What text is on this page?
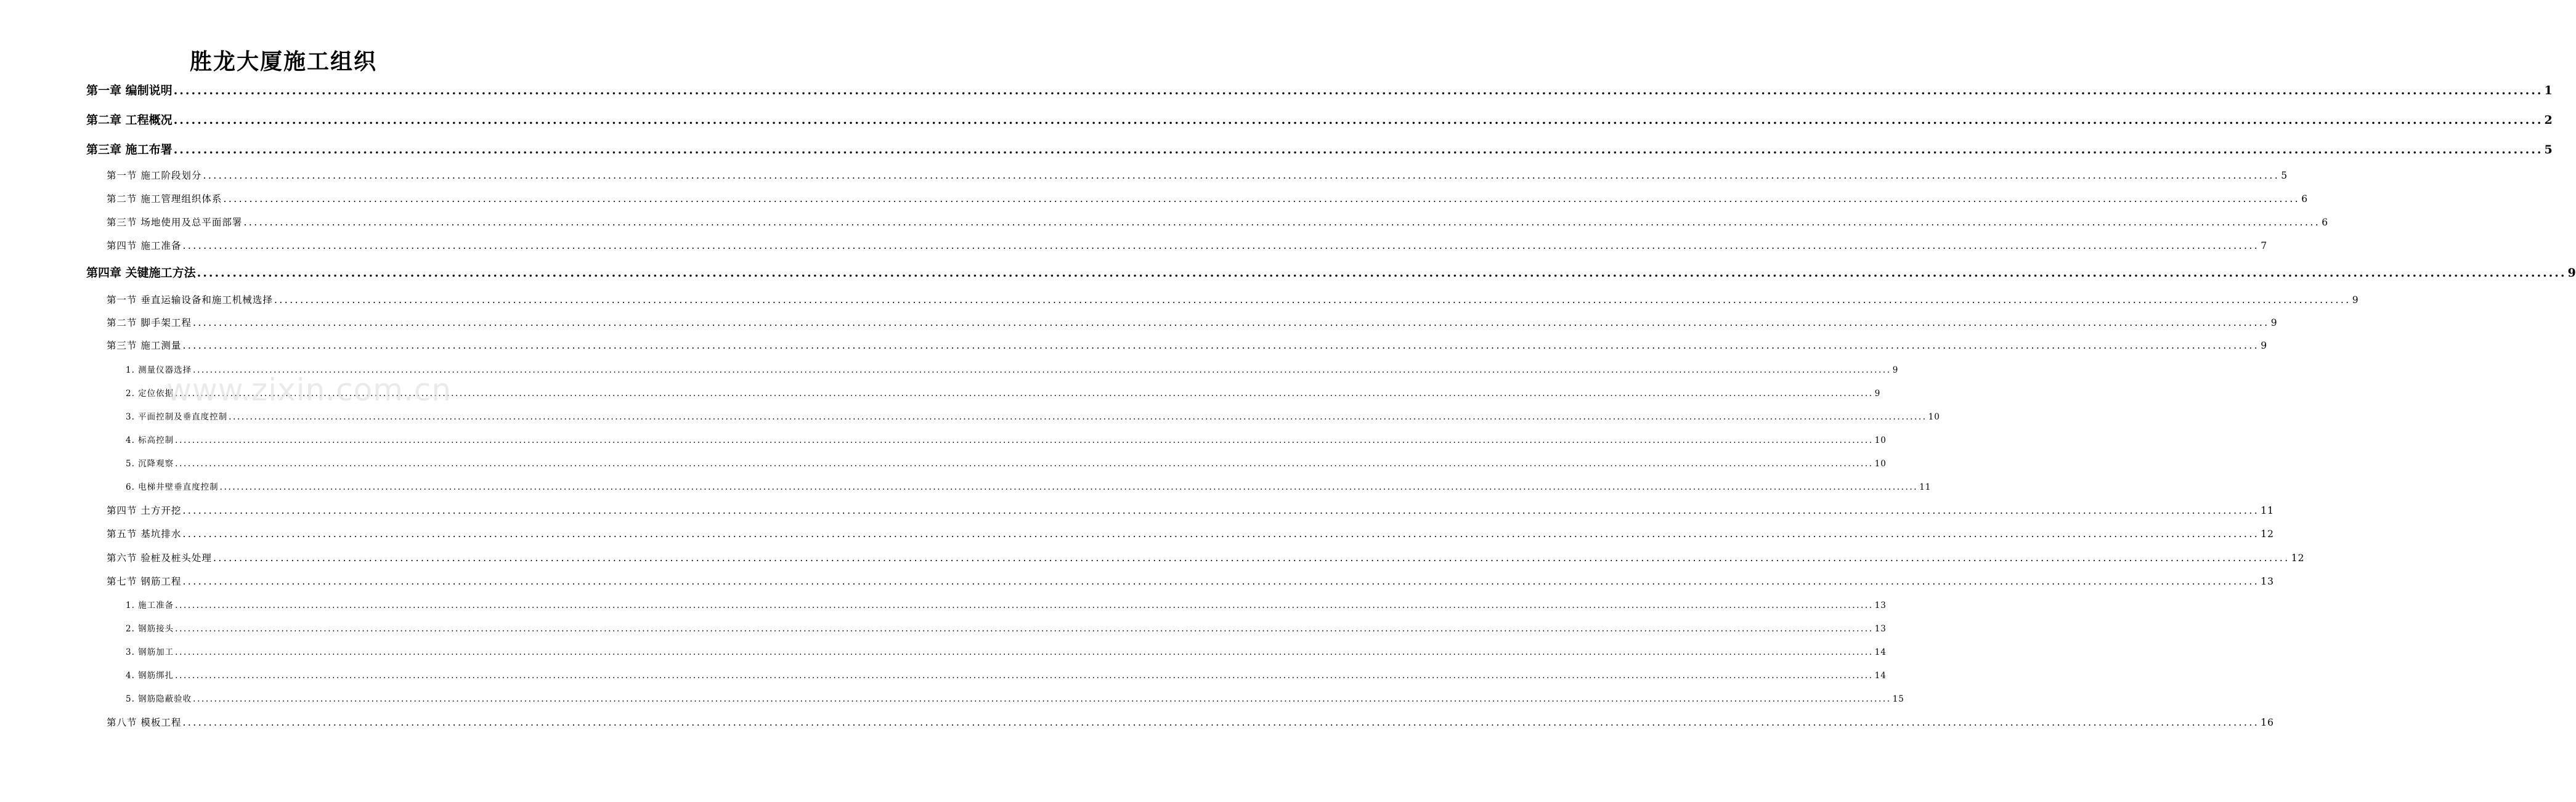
胜龙大厦施工组织
第一章 编制说明 ................................................................................................................................................................................................................................................................................................................................................................................................................ 1
第二章 工程概况 ................................................................................................................................................................................................................................................................................................................................................................................................................ 2
第三章 施工布署 ................................................................................................................................................................................................................................................................................................................................................................................................................ 5
第一节 施工阶段划分 ................................................................................................................................................................................................................................................................................................................................................................................................................ 5
第二节 施工管理组织体系 ................................................................................................................................................................................................................................................................................................................................................................................................................ 6
第三节 场地使用及总平面部署 ................................................................................................................................................................................................................................................................................................................................................................................................................ 6
第四节 施工准备 ................................................................................................................................................................................................................................................................................................................................................................................................................ 7
第四章 关键施工方法 ................................................................................................................................................................................................................................................................................................................................................................................................................ 9
第一节 垂直运输设备和施工机械选择 ................................................................................................................................................................................................................................................................................................................................................................................................................ 9
第二节 脚手架工程 ................................................................................................................................................................................................................................................................................................................................................................................................................ 9
第三节 施工测量 ................................................................................................................................................................................................................................................................................................................................................................................................................ 9
1. 测量仪器选择 ................................................................................................................................................................................................................................................................................................................................................................................................................ 9
2. 定位依据 ................................................................................................................................................................................................................................................................................................................................................................................................................ 9
3. 平面控制及垂直度控制 ................................................................................................................................................................................................................................................................................................................................................................................................................ 10
4. 标高控制 ................................................................................................................................................................................................................................................................................................................................................................................................................ 10
5. 沉降观察 ................................................................................................................................................................................................................................................................................................................................................................................................................ 10
6. 电梯井壁垂直度控制 ................................................................................................................................................................................................................................................................................................................................................................................................................ 11
第四节 土方开挖 ................................................................................................................................................................................................................................................................................................................................................................................................................ 11
第五节 基坑排水 ................................................................................................................................................................................................................................................................................................................................................................................................................ 12
第六节 验桩及桩头处理 ................................................................................................................................................................................................................................................................................................................................................................................................................ 12
第七节 钢筋工程 ................................................................................................................................................................................................................................................................................................................................................................................................................ 13
1. 施工准备 ................................................................................................................................................................................................................................................................................................................................................................................................................ 13
2. 钢筋接头 ................................................................................................................................................................................................................................................................................................................................................................................................................ 13
3. 钢筋加工 ................................................................................................................................................................................................................................................................................................................................................................................................................ 14
4. 钢筋绑扎 ................................................................................................................................................................................................................................................................................................................................................................................................................ 14
5. 钢筋隐蔽验收 ................................................................................................................................................................................................................................................................................................................................................................................................................ 15
第八节 模板工程 ................................................................................................................................................................................................................................................................................................................................................................................................................ 16
www.zixin.com.cn
